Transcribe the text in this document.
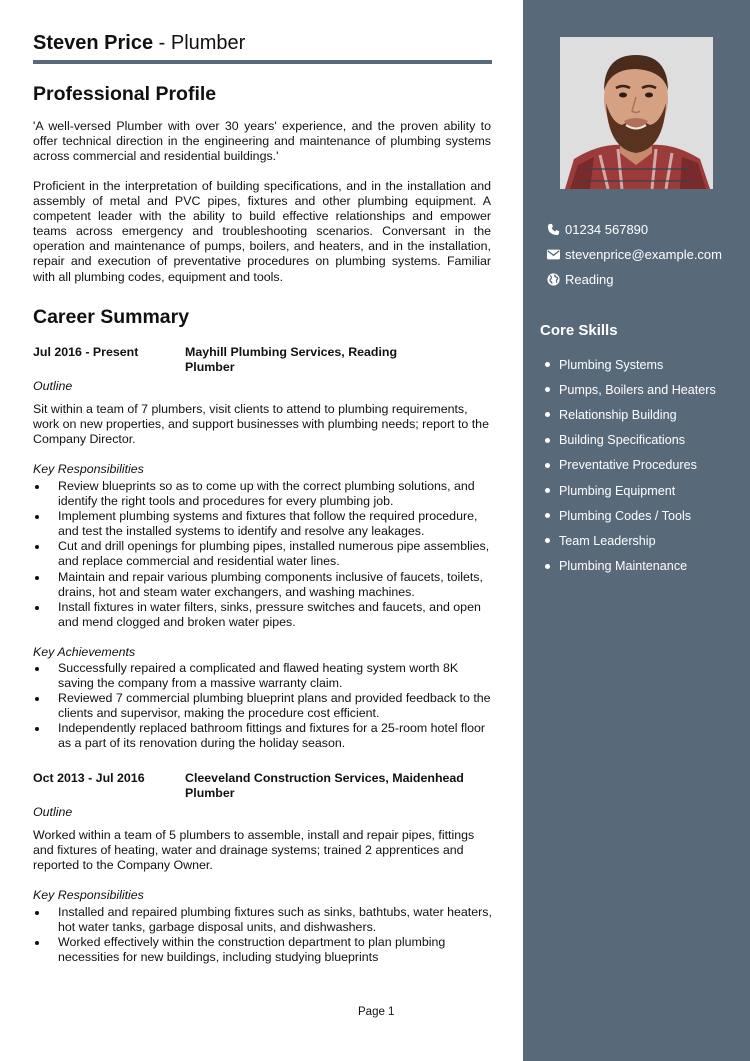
Steven Price - Plumber
Professional Profile

'A well-versed Plumber with over 30 years' experience, and the proven ability to offer technical direction in the engineering and maintenance of plumbing systems across commercial and residential buildings.'

Proficient in the interpretation of building specifications, and in the installation and assembly of metal and PVC pipes, fixtures and other plumbing equipment. A competent leader with the ability to build effective relationships and empower teams across emergency and troubleshooting scenarios. Conversant in the operation and maintenance of pumps, boilers, and heaters, and in the installation, repair and execution of preventative procedures on plumbing systems. Familiar with all plumbing codes, equipment and tools.

Career Summary
Jul 2016 - Present	Mayhill Plumbing Services, Reading
Plumber
Outline

Sit within a team of 7 plumbers, visit clients to attend to plumbing requirements, work on new properties, and support businesses with plumbing needs; report to the Company Director.

Key Responsibilities
Review blueprints so as to come up with the correct plumbing solutions, and identify the right tools and procedures for every plumbing job.
Implement plumbing systems and fixtures that follow the required procedure, and test the installed systems to identify and resolve any leakages.
Cut and drill openings for plumbing pipes, installed numerous pipe assemblies, and replace commercial and residential water lines.
Maintain and repair various plumbing components inclusive of faucets, toilets, drains, hot and steam water exchangers, and washing machines.
Install fixtures in water filters, sinks, pressure switches and faucets, and open and mend clogged and broken water pipes.
Key Achievements
Successfully repaired a complicated and flawed heating system worth 8K saving the company from a massive warranty claim.
Reviewed 7 commercial plumbing blueprint plans and provided feedback to the clients and supervisor, making the procedure cost efficient.
Independently replaced bathroom fittings and fixtures for a 25-room hotel floor as a part of its renovation during the holiday season.
Oct 2013 - Jul 2016	Cleeveland Construction Services, Maidenhead
Plumber
Outline

Worked within a team of 5 plumbers to assemble, install and repair pipes, fittings and fixtures of heating, water and drainage systems; trained 2 apprentices and reported to the Company Owner.

Key Responsibilities
Installed and repaired plumbing fixtures such as sinks, bathtubs, water heaters, hot water tanks, garbage disposal units, and dishwashers.
Worked effectively within the construction department to plan plumbing necessities for new buildings, including studying blueprints
Page 1
01234 567890
stevenprice@example.com
Reading
Core Skills
Plumbing Systems
Pumps, Boilers and Heaters
Relationship Building
Building Specifications
Preventative Procedures
Plumbing Equipment
Plumbing Codes / Tools
Team Leadership
Plumbing Maintenance
